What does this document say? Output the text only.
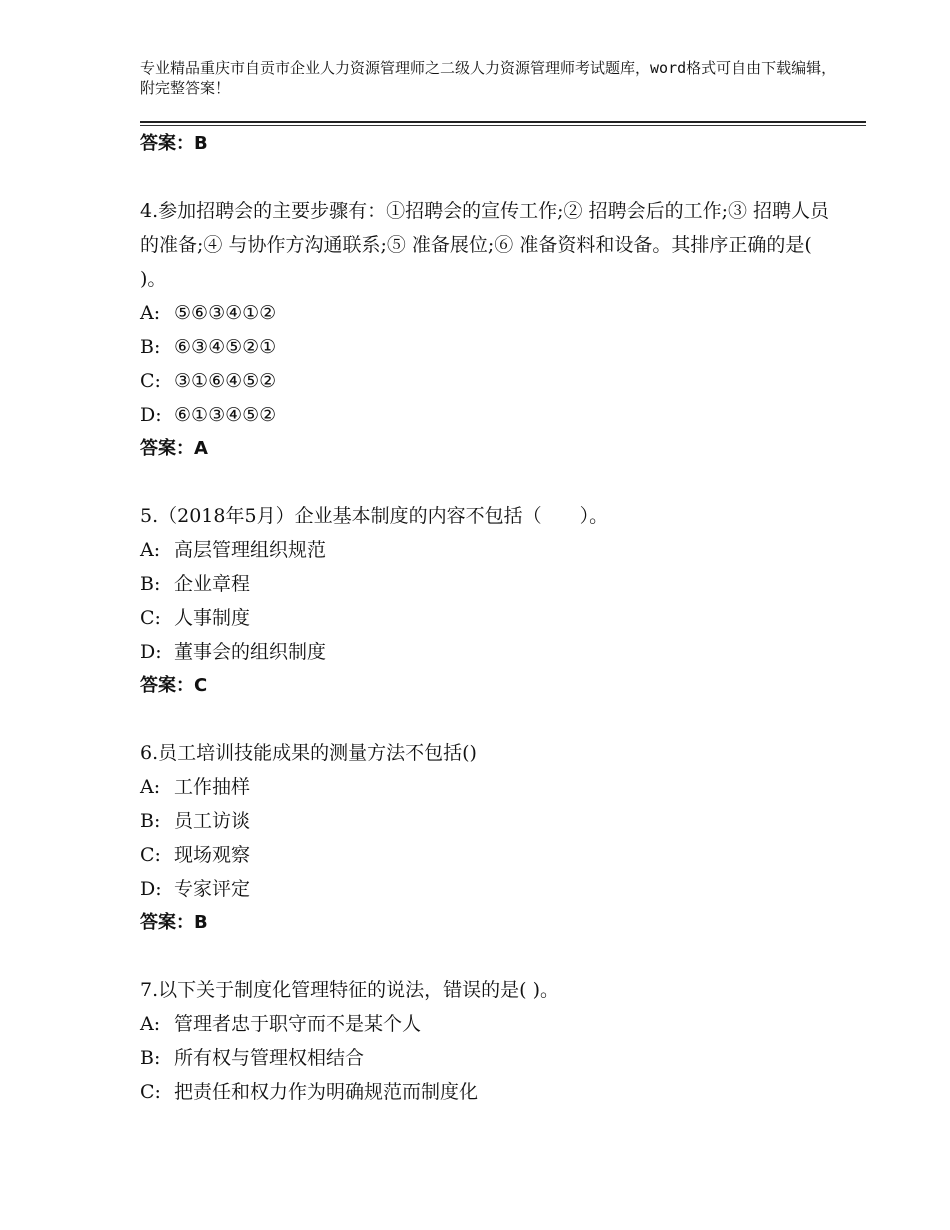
专业精品重庆市自贡市企业人力资源管理师之二级人力资源管理师考试题库，word格式可自由下载编辑，附完整答案！
答案：B
4.参加招聘会的主要步骤有：①招聘会的宣传工作;② 招聘会后的工作;③ 招聘人员的准备;④ 与协作方沟通联系;⑤ 准备展位;⑥ 准备资料和设备。其排序正确的是( )。
A: ⑤⑥③④①②
B: ⑥③④⑤②①
C: ③①⑥④⑤②
D: ⑥①③④⑤②
答案：A
5.（2018年5月）企业基本制度的内容不包括（　　）。
A: 高层管理组织规范
B: 企业章程
C: 人事制度
D: 董事会的组织制度
答案：C
6.员工培训技能成果的测量方法不包括()
A: 工作抽样
B: 员工访谈
C: 现场观察
D: 专家评定
答案：B
7.以下关于制度化管理特征的说法，错误的是( )。
A: 管理者忠于职守而不是某个人
B: 所有权与管理权相结合
C: 把责任和权力作为明确规范而制度化
